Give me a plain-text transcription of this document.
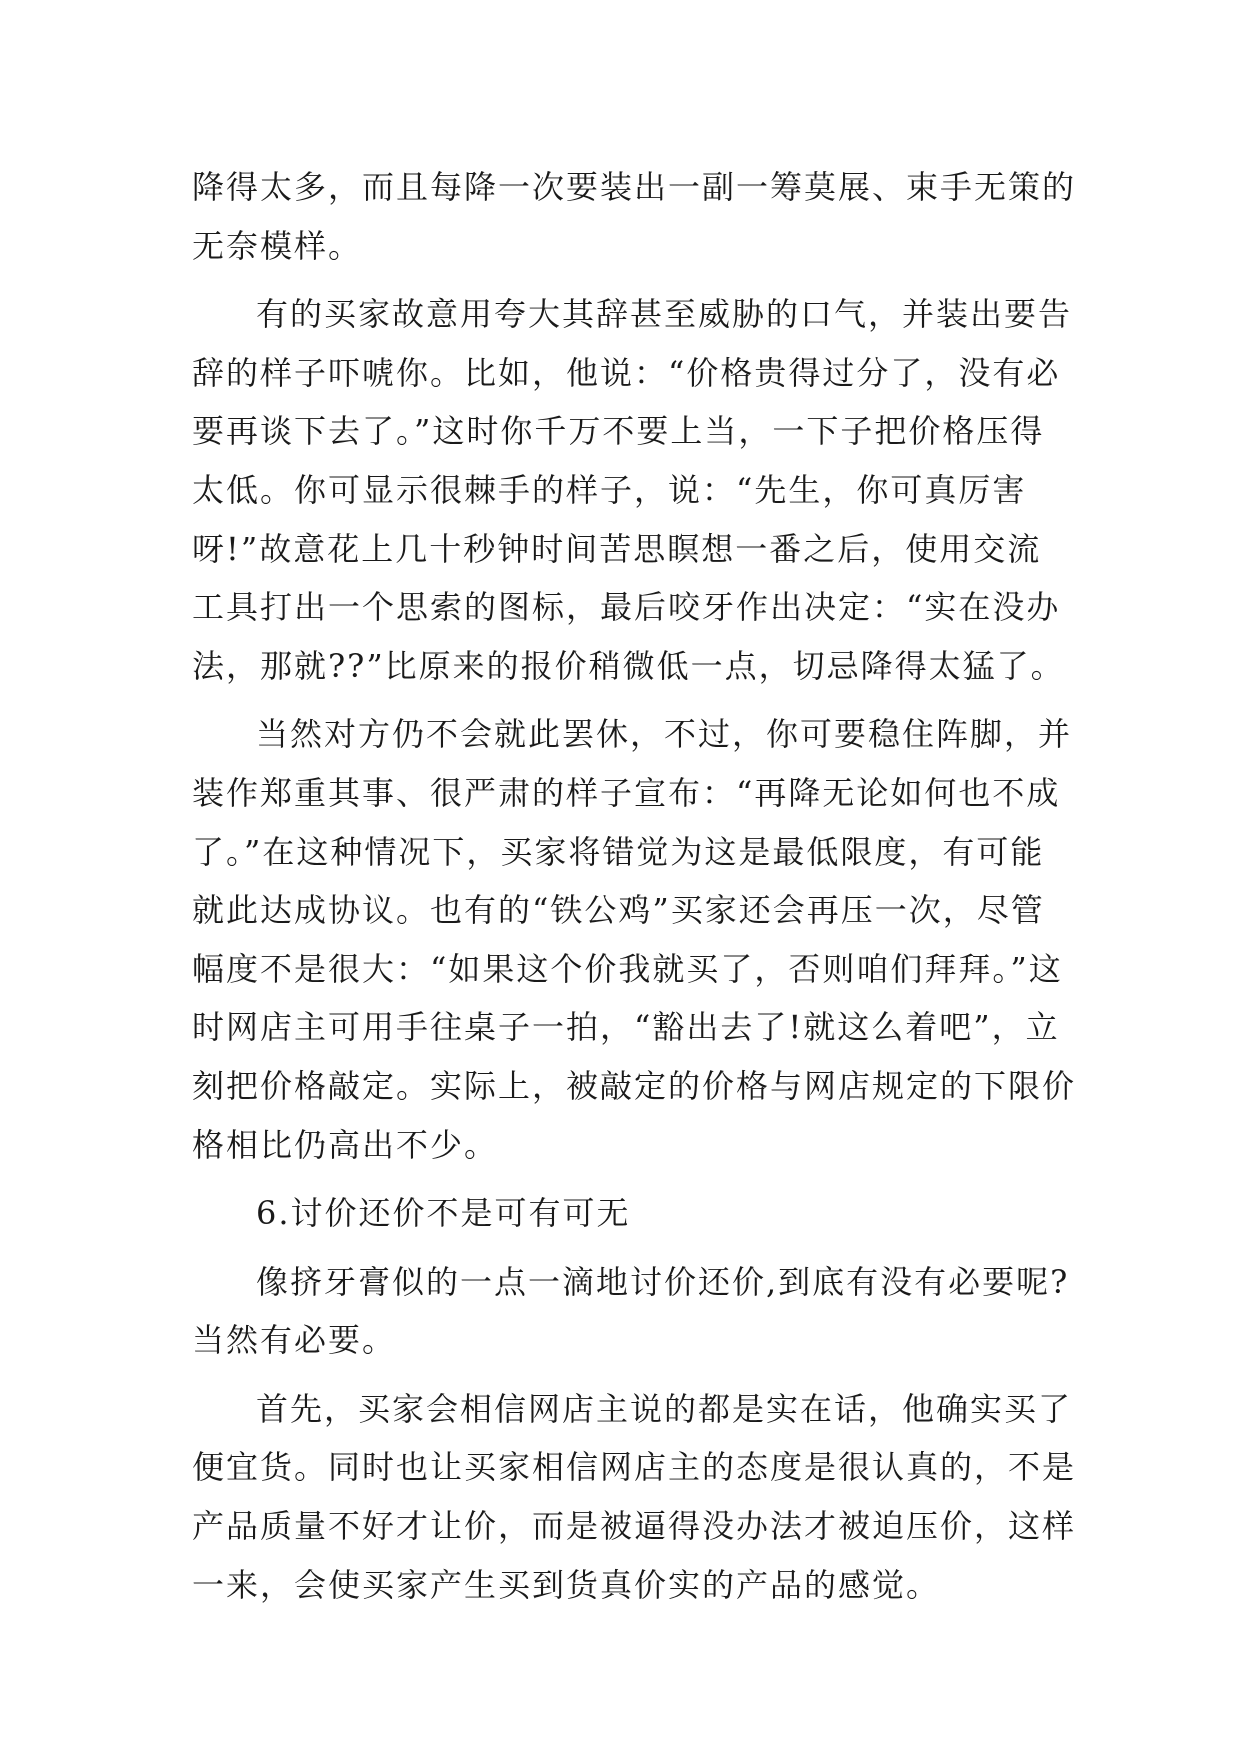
降得太多，而且每降一次要装出一副一筹莫展、束手无策的
无奈模样。
有的买家故意用夸大其辞甚至威胁的口气，并装出要告
辞的样子吓唬你。比如，他说：“价格贵得过分了，没有必
要再谈下去了。”这时你千万不要上当，一下子把价格压得
太低。你可显示很棘手的样子，说：“先生，你可真厉害
呀!”故意花上几十秒钟时间苦思瞑想一番之后，使用交流
工具打出一个思索的图标，最后咬牙作出决定：“实在没办
法，那就??”比原来的报价稍微低一点，切忌降得太猛了。
当然对方仍不会就此罢休，不过，你可要稳住阵脚，并
装作郑重其事、很严肃的样子宣布：“再降无论如何也不成
了。”在这种情况下，买家将错觉为这是最低限度，有可能
就此达成协议。也有的“铁公鸡”买家还会再压一次，尽管
幅度不是很大：“如果这个价我就买了，否则咱们拜拜。”这
时网店主可用手往桌子一拍，“豁出去了!就这么着吧”，立
刻把价格敲定。实际上，被敲定的价格与网店规定的下限价
格相比仍高出不少。
6.讨价还价不是可有可无
像挤牙膏似的一点一滴地讨价还价,到底有没有必要呢?
当然有必要。
首先，买家会相信网店主说的都是实在话，他确实买了
便宜货。同时也让买家相信网店主的态度是很认真的，不是
产品质量不好才让价，而是被逼得没办法才被迫压价，这样
一来，会使买家产生买到货真价实的产品的感觉。
